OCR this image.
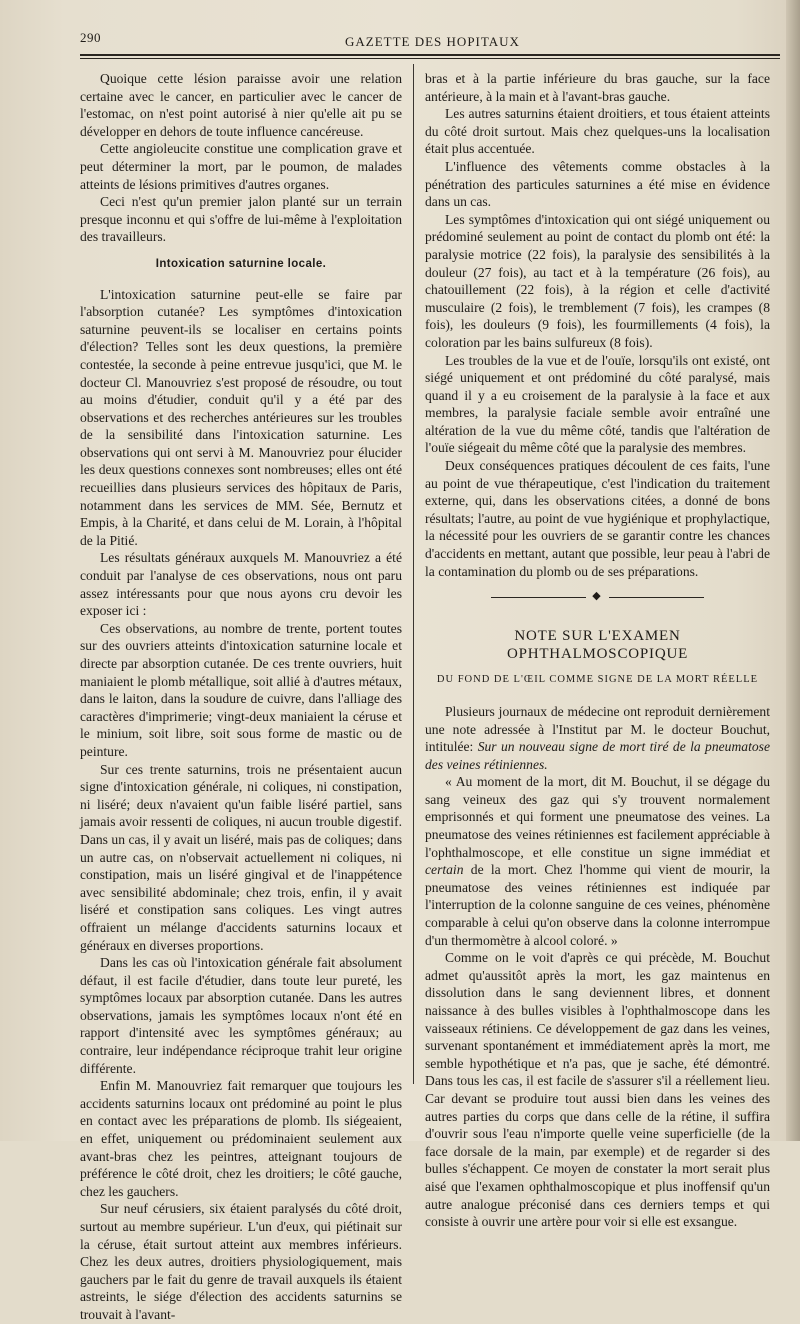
290	GAZETTE DES HOPITAUX

Quoique cette lésion paraisse avoir une relation certaine avec le cancer, en particulier avec le cancer de l'estomac, on n'est point autorisé à nier qu'elle ait pu se développer en dehors de toute influence cancéreuse.

Cette angioleucite constitue une complication grave et peut déterminer la mort, par le poumon, de malades atteints de lésions primitives d'autres organes.

Ceci n'est qu'un premier jalon planté sur un terrain presque inconnu et qui s'offre de lui-même à l'exploitation des travailleurs.

Intoxication saturnine locale.

L'intoxication saturnine peut-elle se faire par l'absorption cutanée? Les symptômes d'intoxication saturnine peuvent-ils se localiser en certains points d'élection? Telles sont les deux questions, la première contestée, la seconde à peine entrevue jusqu'ici, que M. le docteur Cl. Manouvriez s'est proposé de résoudre, ou tout au moins d'étudier, conduit qu'il y a été par des observations et des recherches antérieures sur les troubles de la sensibilité dans l'intoxication saturnine. Les observations qui ont servi à M. Manouvriez pour élucider les deux questions connexes sont nombreuses; elles ont été recueillies dans plusieurs services des hôpitaux de Paris, notamment dans les services de MM. Sée, Bernutz et Empis, à la Charité, et dans celui de M. Lorain, à l'hôpital de la Pitié.

Les résultats généraux auxquels M. Manouvriez a été conduit par l'analyse de ces observations, nous ont paru assez intéressants pour que nous ayons cru devoir les exposer ici :

Ces observations, au nombre de trente, portent toutes sur des ouvriers atteints d'intoxication saturnine locale et directe par absorption cutanée. De ces trente ouvriers, huit maniaient le plomb métallique, soit allié à d'autres métaux, dans le laiton, dans la soudure de cuivre, dans l'alliage des caractères d'imprimerie; vingt-deux maniaient la céruse et le minium, soit libre, soit sous forme de mastic ou de peinture.

Sur ces trente saturnins, trois ne présentaient aucun signe d'intoxication générale, ni coliques, ni constipation, ni liséré; deux n'avaient qu'un faible liséré partiel, sans jamais avoir ressenti de coliques, ni aucun trouble digestif. Dans un cas, il y avait un liséré, mais pas de coliques; dans un autre cas, on n'observait actuellement ni coliques, ni constipation, mais un liséré gingival et de l'inappétence avec sensibilité abdominale; chez trois, enfin, il y avait liséré et constipation sans coliques. Les vingt autres offraient un mélange d'accidents saturnins locaux et généraux en diverses proportions.

Dans les cas où l'intoxication générale fait absolument défaut, il est facile d'étudier, dans toute leur pureté, les symptômes locaux par absorption cutanée. Dans les autres observations, jamais les symptômes locaux n'ont été en rapport d'intensité avec les symptômes généraux; au contraire, leur indépendance réciproque trahit leur origine différente.

Enfin M. Manouvriez fait remarquer que toujours les accidents saturnins locaux ont prédominé au point le plus en contact avec les préparations de plomb. Ils siégeaient, en effet, uniquement ou prédominaient seulement aux avant-bras chez les peintres, atteignant toujours de préférence le côté droit, chez les droitiers; le côté gauche, chez les gauchers.

Sur neuf cérusiers, six étaient paralysés du côté droit, surtout au membre supérieur. L'un d'eux, qui piétinait sur la céruse, était surtout atteint aux membres inférieurs. Chez les deux autres, droitiers physiologiquement, mais gauchers par le fait du genre de travail auxquels ils étaient astreints, le siége d'élection des accidents saturnins se trouvait à l'avant-

bras et à la partie inférieure du bras gauche, sur la face antérieure, à la main et à l'avant-bras gauche.

Les autres saturnins étaient droitiers, et tous étaient atteints du côté droit surtout. Mais chez quelques-uns la localisation était plus accentuée.

L'influence des vêtements comme obstacles à la pénétration des particules saturnines a été mise en évidence dans un cas.

Les symptômes d'intoxication qui ont siégé uniquement ou prédominé seulement au point de contact du plomb ont été: la paralysie motrice (22 fois), la paralysie des sensibilités à la douleur (27 fois), au tact et à la température (26 fois), au chatouillement (22 fois), à la région et celle d'activité musculaire (2 fois), le tremblement (7 fois), les crampes (8 fois), les douleurs (9 fois), les fourmillements (4 fois), la coloration par les bains sulfureux (8 fois).

Les troubles de la vue et de l'ouïe, lorsqu'ils ont existé, ont siégé uniquement et ont prédominé du côté paralysé, mais quand il y a eu croisement de la paralysie à la face et aux membres, la paralysie faciale semble avoir entraîné une altération de la vue du même côté, tandis que l'altération de l'ouïe siégeait du même côté que la paralysie des membres.

Deux conséquences pratiques découlent de ces faits, l'une au point de vue thérapeutique, c'est l'indication du traitement externe, qui, dans les observations citées, a donné de bons résultats; l'autre, au point de vue hygiénique et prophylactique, la nécessité pour les ouvriers de se garantir contre les chances d'accidents en mettant, autant que possible, leur peau à l'abri de la contamination du plomb ou de ses préparations.

◆
NOTE SUR L'EXAMEN OPHTHALMOSCOPIQUE
DU FOND DE L'ŒIL COMME SIGNE DE LA MORT RÉELLE

Plusieurs journaux de médecine ont reproduit dernièrement une note adressée à l'Institut par M. le docteur Bouchut, intitulée: Sur un nouveau signe de mort tiré de la pneumatose des veines rétiniennes.

« Au moment de la mort, dit M. Bouchut, il se dégage du sang veineux des gaz qui s'y trouvent normalement emprisonnés et qui forment une pneumatose des veines. La pneumatose des veines rétiniennes est facilement appréciable à l'ophthalmoscope, et elle constitue un signe immédiat et certain de la mort. Chez l'homme qui vient de mourir, la pneumatose des veines rétiniennes est indiquée par l'interruption de la colonne sanguine de ces veines, phénomène comparable à celui qu'on observe dans la colonne interrompue d'un thermomètre à alcool coloré. »

Comme on le voit d'après ce qui précède, M. Bouchut admet qu'aussitôt après la mort, les gaz maintenus en dissolution dans le sang deviennent libres, et donnent naissance à des bulles visibles à l'ophthalmoscope dans les vaisseaux rétiniens. Ce développement de gaz dans les veines, survenant spontanément et immédiatement après la mort, me semble hypothétique et n'a pas, que je sache, été démontré. Dans tous les cas, il est facile de s'assurer s'il a réellement lieu. Car devant se produire tout aussi bien dans les veines des autres parties du corps que dans celle de la rétine, il suffira d'ouvrir sous l'eau n'importe quelle veine superficielle (de la face dorsale de la main, par exemple) et de regarder si des bulles s'échappent. Ce moyen de constater la mort serait plus aisé que l'examen ophthalmoscopique et plus inoffensif qu'un autre analogue préconisé dans ces derniers temps et qui consiste à ouvrir une artère pour voir si elle est exsangue.
